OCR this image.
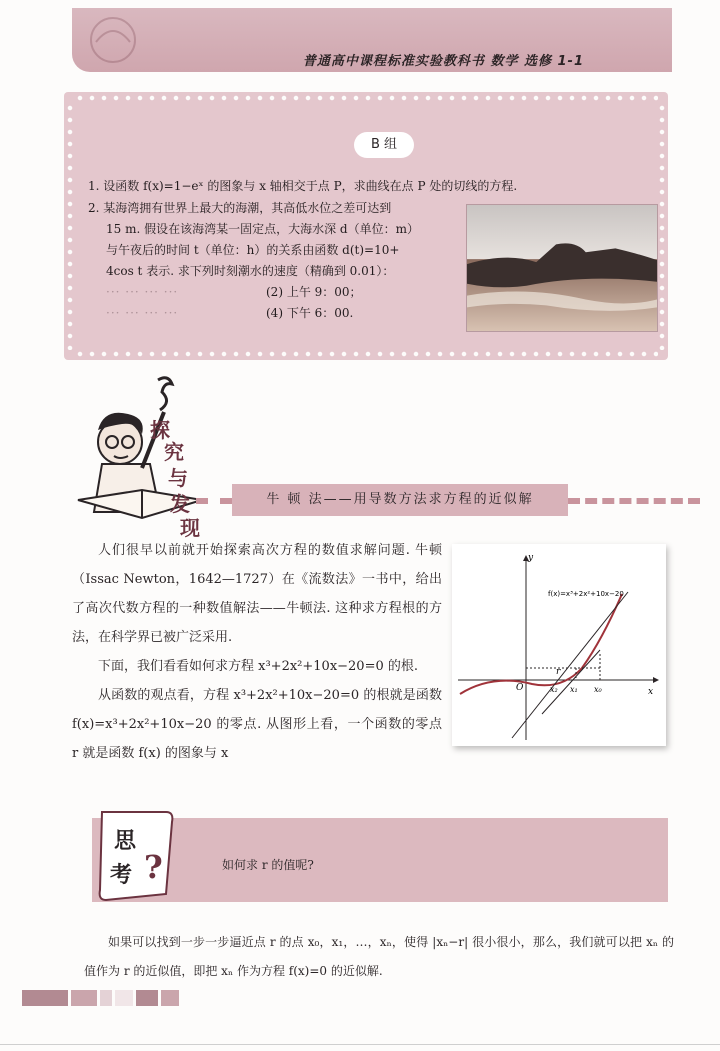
普通高中课程标准实验教科书 数学 选修 1-1
B 组
1. 设函数 f(x)=1−eˣ 的图象与 x 轴相交于点 P，求曲线在点 P 处的切线的方程.
2. 某海湾拥有世界上最大的海潮，其高低水位之差可达到
15 m. 假设在该海湾某一固定点，大海水深 d（单位：m）
与午夜后的时间 t（单位：h）的关系由函数 d(t)=10+
4cos t 表示. 求下列时刻潮水的速度（精确到 0.01）：
··· ··· ··· ···	(2) 上午 9：00；
··· ··· ··· ···	(4) 下午 6：00.
探
究
与
发
现
牛 顿 法——用导数方法求方程的近似解

人们很早以前就开始探索高次方程的数值求解问题. 牛顿（Issac Newton，1642—1727）在《流数法》一书中，给出了高次代数方程的一种数值解法——牛顿法. 这种求方程根的方法，在科学界已被广泛采用.

下面，我们看看如何求方程 x³+2x²+10x−20=0 的根.

从函数的观点看，方程 x³+2x²+10x−20=0 的根就是函数 f(x)=x³+2x²+10x−20 的零点. 从图形上看，一个函数的零点 r 就是函数 f(x) 的图象与 x

y
x
O
f(x)=x³+2x²+10x−20
r
x₂ x₁ x₀
思
考 ?	如何求 r 的值呢?

如果可以找到一步一步逼近点 r 的点 x₀，x₁，…，xₙ，使得 |xₙ−r| 很小很小，那么，我们就可以把 xₙ 的值作为 r 的近似值，即把 xₙ 作为方程 f(x)=0 的近似解.
